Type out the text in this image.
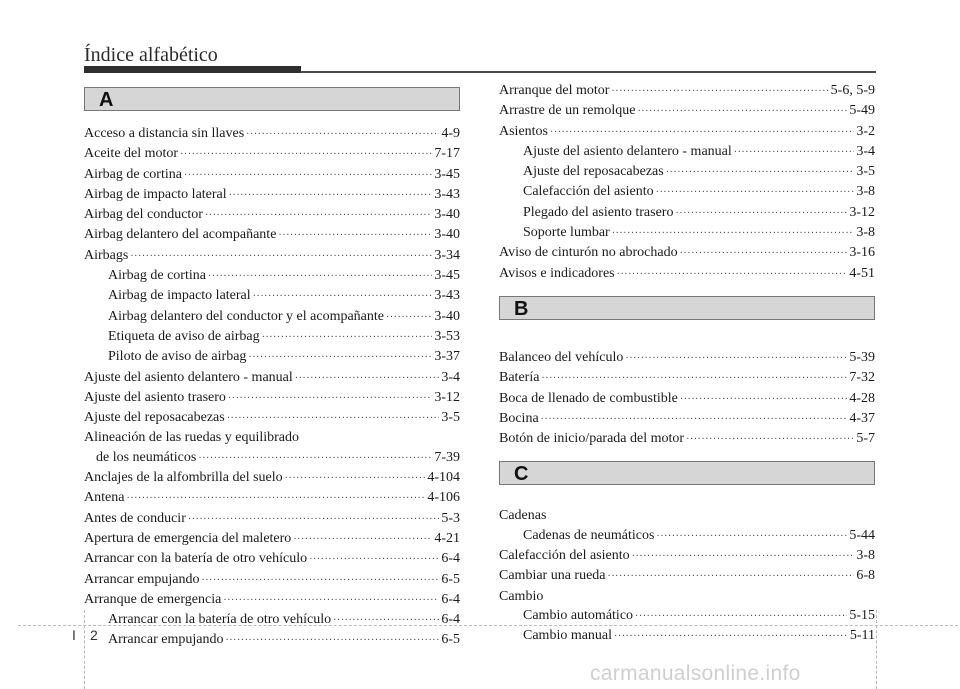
Índice alfabético
A
Acceso a distancia sin llaves ·····	4-9
Aceite del motor ·····	7-17
Airbag de cortina ·····	3-45
Airbag de impacto lateral ·····	3-43
Airbag del conductor ·····	3-40
Airbag delantero del acompañante ·····	3-40
Airbags ·····	3-34
Airbag de cortina ·····	3-45
Airbag de impacto lateral ·····	3-43
Airbag delantero del conductor y el acompañante ·····	3-40
Etiqueta de aviso de airbag ·····	3-53
Piloto de aviso de airbag ·····	3-37
Ajuste del asiento delantero - manual ·····	3-4
Ajuste del asiento trasero ·····	3-12
Ajuste del reposacabezas ·····	3-5
Alineación de las ruedas y equilibrado
de los neumáticos ·····	7-39
Anclajes de la alfombrilla del suelo ·····	4-104
Antena ·····	4-106
Antes de conducir ·····	5-3
Apertura de emergencia del maletero ·····	4-21
Arrancar con la batería de otro vehículo ·····	6-4
Arrancar empujando ·····	6-5
Arranque de emergencia ·····	6-4
Arrancar con la batería de otro vehículo ·····	6-4
Arrancar empujando ·····	6-5
Arranque del motor ·····	5-6, 5-9
Arrastre de un remolque ·····	5-49
Asientos ·····	3-2
Ajuste del asiento delantero - manual ·····	3-4
Ajuste del reposacabezas ·····	3-5
Calefacción del asiento ·····	3-8
Plegado del asiento trasero ·····	3-12
Soporte lumbar ·····	3-8
Aviso de cinturón no abrochado ·····	3-16
Avisos e indicadores ·····	4-51
B
Balanceo del vehículo ·····	5-39
Batería ·····	7-32
Boca de llenado de combustible ·····	4-28
Bocina ·····	4-37
Botón de inicio/parada del motor ·····	5-7
C
Cadenas
Cadenas de neumáticos ·····	5-44
Calefacción del asiento ·····	3-8
Cambiar una rueda ·····	6-8
Cambio
Cambio automático ·····	5-15
Cambio manual ·····	5-11
I 2
carmanualsonline.info
